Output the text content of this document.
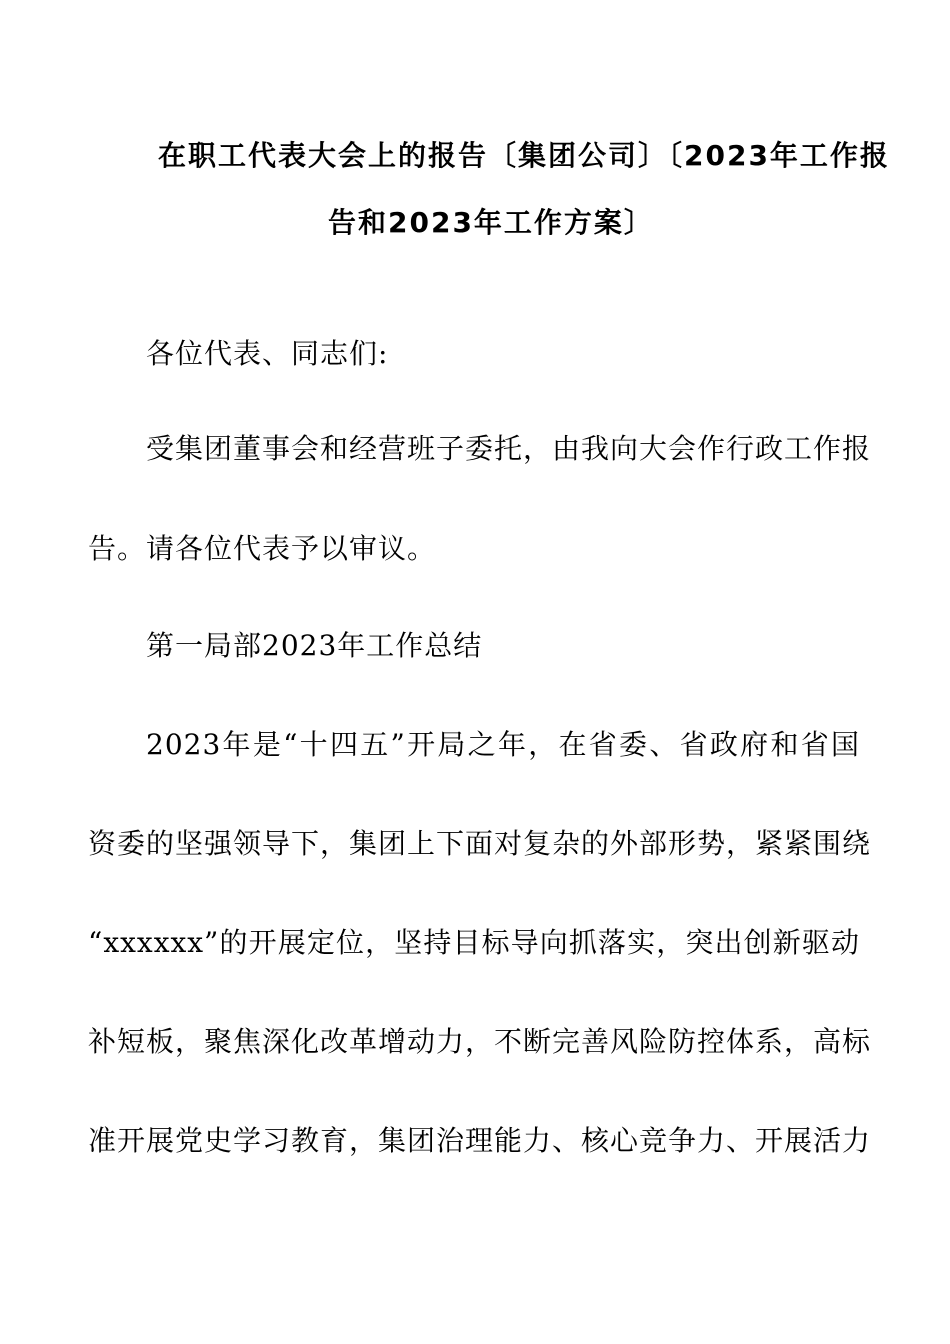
在职工代表大会上的报告〔集团公司〕〔2023年工作报
告和2023年工作方案〕
各位代表、同志们:
受集团董事会和经营班子委托，由我向大会作行政工作报
告。请各位代表予以审议。
第一局部2023年工作总结
2023年是“十四五”开局之年，在省委、省政府和省国
资委的坚强领导下，集团上下面对复杂的外部形势，紧紧围绕
“xxxxxx”的开展定位，坚持目标导向抓落实，突出创新驱动
补短板，聚焦深化改革增动力，不断完善风险防控体系，高标
准开展党史学习教育，集团治理能力、核心竞争力、开展活力
